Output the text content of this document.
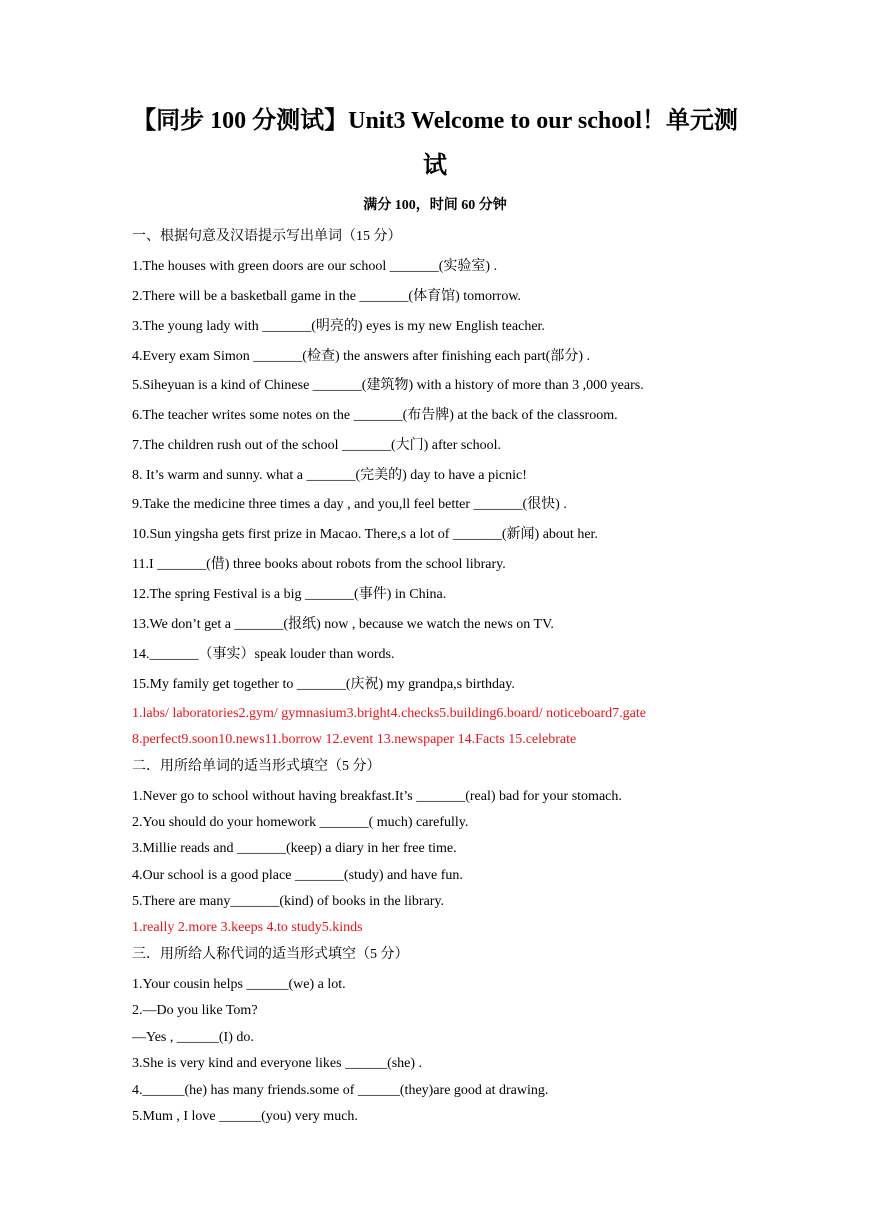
【同步 100 分测试】Unit3 Welcome to our school！单元测
试
满分 100，时间 60 分钟
一、根据句意及汉语提示写出单词（15 分）
1.The houses with green doors are our school _______(实验室) .
2.There will be a basketball game in the _______(体育馆) tomorrow.
3.The young lady with _______(明亮的) eyes is my new English teacher.
4.Every exam Simon _______(检查) the answers after finishing each part(部分) .
5.Siheyuan is a kind of Chinese _______(建筑物) with a history of more than 3 ,000 years.
6.The teacher writes some notes on the _______(布告牌) at the back of the classroom.
7.The children rush out of the school _______(大门) after school.
8. It’s warm and sunny. what a _______(完美的) day to have a picnic!
9.Take the medicine three times a day , and you,ll feel better _______(很快) .
10.Sun yingsha gets first prize in Macao. There,s a lot of _______(新闻) about her.
11.I _______(借) three books about robots from the school library.
12.The spring Festival is a big _______(事件) in China.
13.We don’t get a _______(报纸) now , because we watch the news on TV.
14._______（事实）speak louder than words.
15.My family get together to _______(庆祝) my grandpa,s birthday.
1.labs/ laboratories2.gym/ gymnasium3.bright4.checks5.building6.board/ noticeboard7.gate
8.perfect9.soon10.news11.borrow 12.event 13.newspaper 14.Facts 15.celebrate
二．用所给单词的适当形式填空（5 分）
1.Never go to school without having breakfast.It’s _______(real) bad for your stomach.
2.You should do your homework _______( much) carefully.
3.Millie reads and _______(keep) a diary in her free time.
4.Our school is a good place _______(study) and have fun.
5.There are many_______(kind) of books in the library.
1.really 2.more 3.keeps 4.to study5.kinds
三．用所给人称代词的适当形式填空（5 分）
1.Your cousin helps ______(we) a lot.
2.—Do you like Tom?
—Yes , ______(I) do.
3.She is very kind and everyone likes ______(she) .
4.______(he) has many friends.some of ______(they)are good at drawing.
5.Mum , I love ______(you) very much.
